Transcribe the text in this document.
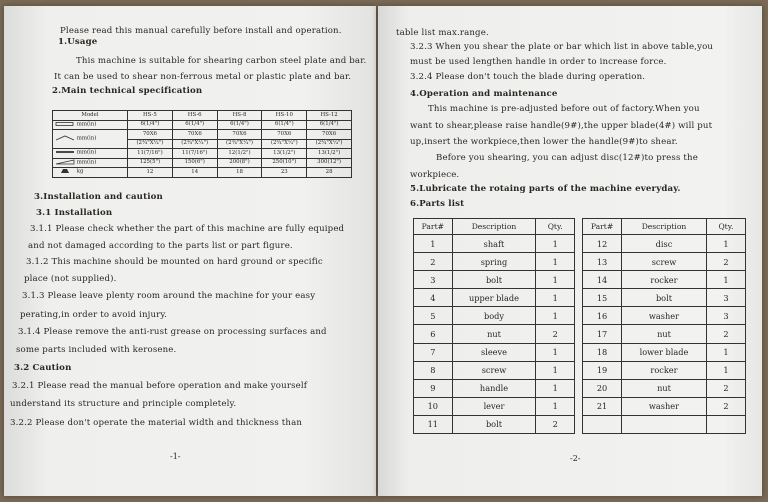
Please read this manual carefully before install and operation.
1.Usage
This machine is suitable for shearing carbon steel plate and bar.
It can be used to shear non-ferrous metal or plastic plate and bar.
2.Main technical specification
Model	HS-5	HS-6	HS-8	HS-10	HS-12
mm(in)	6(1/4")	6(1/4")	6(1/4")	6(1/4")	6(1/4")
mm(in)	70X6	70X6	70X6	70X6	70X6
	(2¾"X¼")	(2¾"X¼")	(2¾"X¼")	(2¾"X¼")	(2¾"X¼")
mm(in)	11(7/16")	11(7/16")	12(1/2")	13(1/2")	13(1/2")
mm(in)	125(5")	150(6")	200(8")	250(10")	300(12")
kg	12	14	18	23	28
3.Installation and caution
3.1 Installation
3.1.1 Please check whether the part of this machine are fully equiped
and not damaged according to the parts list or part figure.
3.1.2 This machine should be mounted on hard ground or specific
place (not supplied).
3.1.3 Please leave plenty room around the machine for your easy
perating,in order to avoid injury.
3.1.4 Please remove the anti-rust grease on processing surfaces and
some parts included with kerosene.
3.2 Caution
3.2.1 Please read the manual before operation and make yourself
understand its structure and principle completely.
3.2.2 Please don't operate the material width and thickness than
-1-
table list max.range.
3.2.3 When you shear the plate or bar which list in above table,you
must be used lengthen handle in order to increase force.
3.2.4 Please don't touch the blade during operation.
4.Operation and maintenance
This machine is pre-adjusted before out of factory.When you
want to shear,please raise handle(9#),the upper blade(4#) will put
up,insert the workpiece,then lower the handle(9#)to shear.
Before you shearing, you can adjust disc(12#)to press the
workpiece.
5.Lubricate the rotaing parts of the machine everyday.
6.Parts list
Part#	Description	Qty.
1	shaft	1
2	spring	1
3	bolt	1
4	upper blade	1
5	body	1
6	nut	2
7	sleeve	1
8	screw	1
9	handle	1
10	lever	1
11	bolt	2
Part#	Description	Qty.
12	disc	1
13	screw	2
14	rocker	1
15	bolt	3
16	washer	3
17	nut	2
18	lower blade	1
19	rocker	1
20	nut	2
21	washer	2

-2-
